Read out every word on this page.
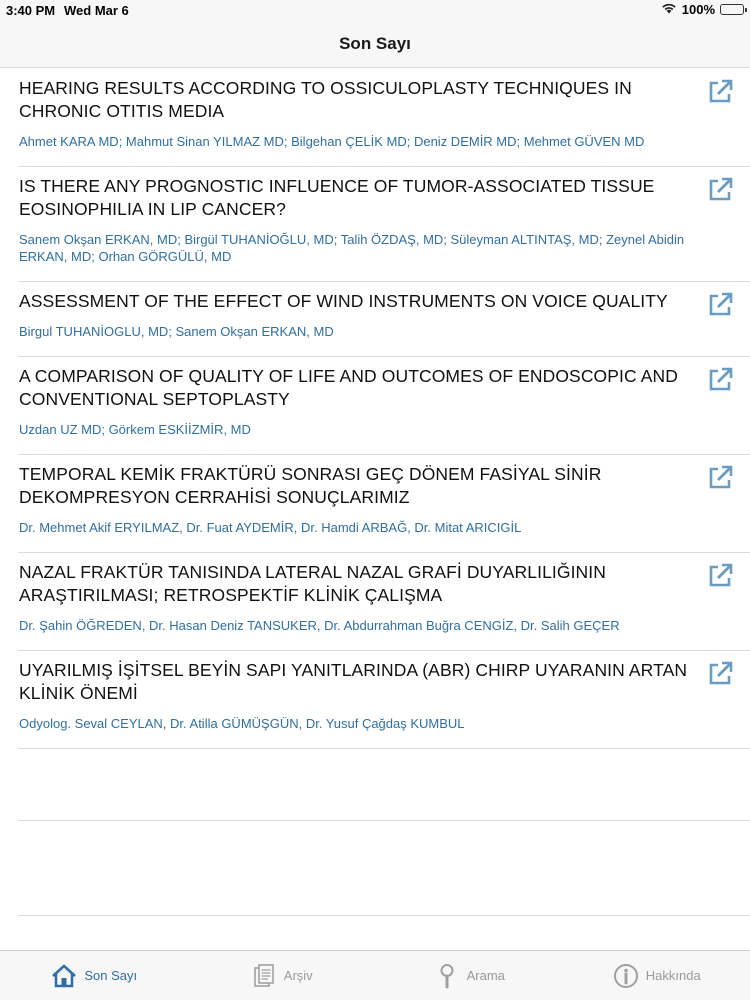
3:40 PM Wed Mar 6	100%
Son Sayı
HEARING RESULTS ACCORDING TO OSSICULOPLASTY TECHNIQUES IN CHRONIC OTITIS MEDIA
Ahmet KARA MD; Mahmut Sinan YILMAZ MD; Bilgehan ÇELİK MD; Deniz DEMİR MD; Mehmet GÜVEN MD
IS THERE ANY PROGNOSTIC INFLUENCE OF TUMOR-ASSOCIATED TISSUE EOSINOPHILIA IN LIP CANCER?
Sanem Okşan ERKAN, MD; Birgül TUHANİOĞLU, MD; Talih ÖZDAŞ, MD; Süleyman ALTINTAŞ, MD; Zeynel Abidin ERKAN, MD; Orhan GÖRGÜLÜ, MD
ASSESSMENT OF THE EFFECT OF WIND INSTRUMENTS ON VOICE QUALITY
Birgul TUHANİOGLU, MD; Sanem Okşan ERKAN, MD
A COMPARISON OF QUALITY OF LIFE AND OUTCOMES OF ENDOSCOPIC AND CONVENTIONAL SEPTOPLASTY
Uzdan UZ MD; Görkem ESKİİZMİR, MD
TEMPORAL KEMİK FRAKTÜRÜ SONRASI GEÇ DÖNEM FASİYAL SİNİR DEKOMPRESYON CERRAHİSİ SONUÇLARIMIZ
Dr. Mehmet Akif ERYILMAZ, Dr. Fuat AYDEMİR, Dr. Hamdi ARBAĞ, Dr. Mitat ARICIGİL
NAZAL FRAKTÜR TANISINDA LATERAL NAZAL GRAFİ DUYARLILIĞININ ARAŞTIRILMASI; RETROSPEKTİF KLİNİK ÇALIŞMA
Dr. Şahin ÖĞREDEN, Dr. Hasan Deniz TANSUKER, Dr. Abdurrahman Buğra CENGİZ, Dr. Salih GEÇER
UYARILMIŞ İŞİTSEL BEYİN SAPI YANITLARINDA (ABR) CHIRP UYARANIN ARTAN KLİNİK ÖNEMİ
Odyolog. Seval CEYLAN, Dr. Atilla GÜMÜŞGÜN, Dr. Yusuf Çağdaş KUMBUL
Son Sayı	Arşiv	Arama	Hakkında
